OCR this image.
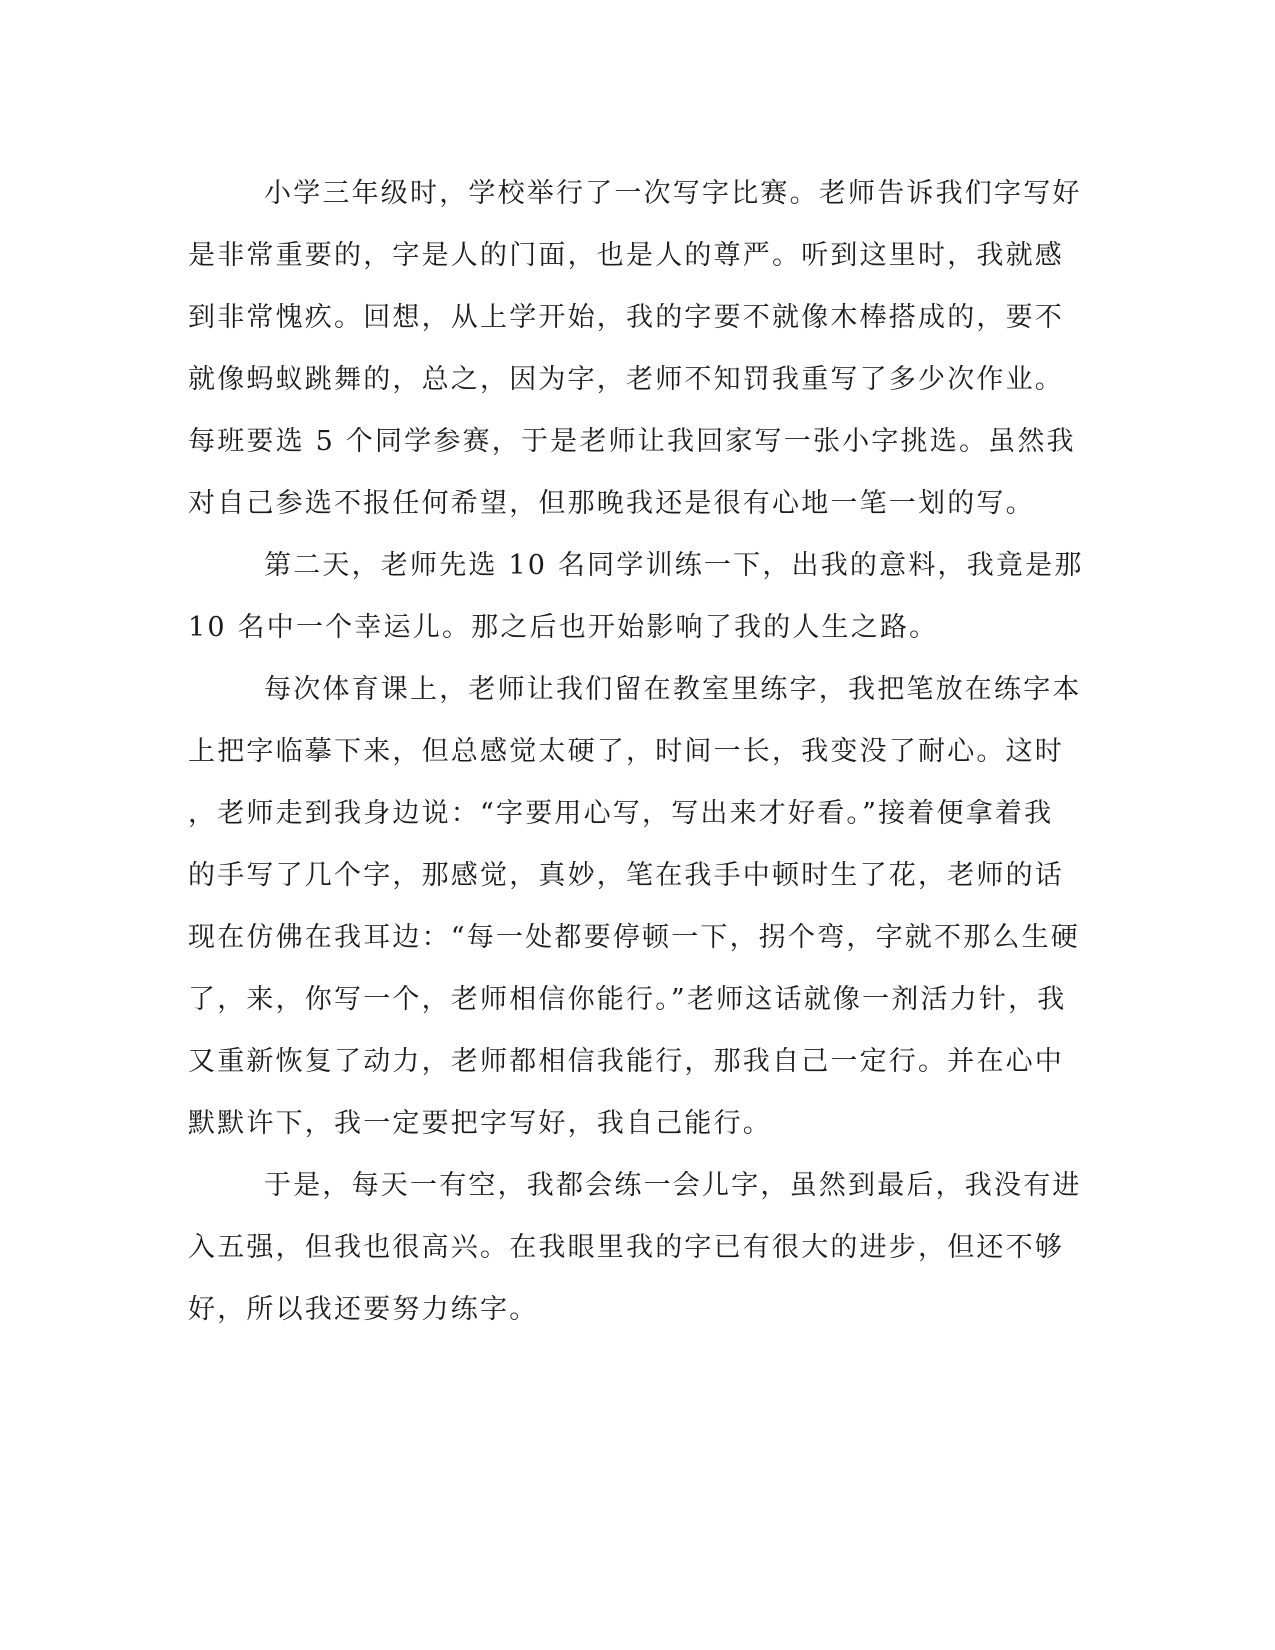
小学三年级时，学校举行了一次写字比赛。老师告诉我们字写好
是非常重要的，字是人的门面，也是人的尊严。听到这里时，我就感
到非常愧疚。回想，从上学开始，我的字要不就像木棒搭成的，要不
就像蚂蚁跳舞的，总之，因为字，老师不知罚我重写了多少次作业。
每班要选 5 个同学参赛，于是老师让我回家写一张小字挑选。虽然我
对自己参选不报任何希望，但那晚我还是很有心地一笔一划的写。
第二天，老师先选 10 名同学训练一下，出我的意料，我竟是那
10 名中一个幸运儿。那之后也开始影响了我的人生之路。
每次体育课上，老师让我们留在教室里练字，我把笔放在练字本
上把字临摹下来，但总感觉太硬了，时间一长，我变没了耐心。这时
，老师走到我身边说：“字要用心写，写出来才好看。”接着便拿着我
的手写了几个字，那感觉，真妙，笔在我手中顿时生了花，老师的话
现在仿佛在我耳边：“每一处都要停顿一下，拐个弯，字就不那么生硬
了，来，你写一个，老师相信你能行。”老师这话就像一剂活力针，我
又重新恢复了动力，老师都相信我能行，那我自己一定行。并在心中
默默许下，我一定要把字写好，我自己能行。
于是，每天一有空，我都会练一会儿字，虽然到最后，我没有进
入五强，但我也很高兴。在我眼里我的字已有很大的进步，但还不够
好，所以我还要努力练字。
